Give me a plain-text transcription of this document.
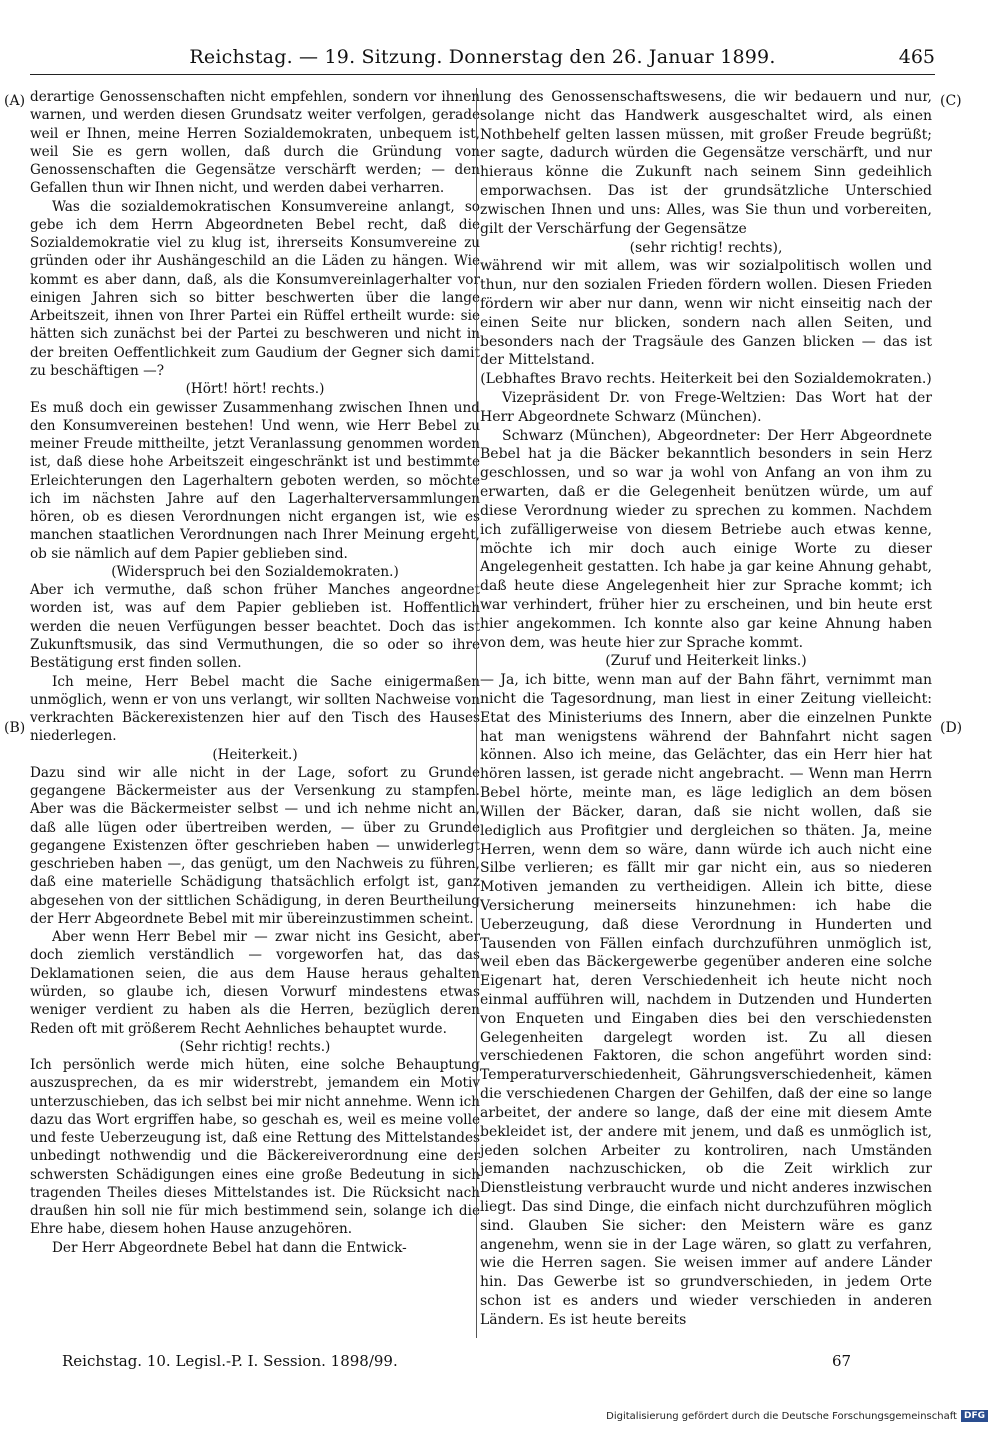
Reichstag. — 19. Sitzung. Donnerstag den 26. Januar 1899.	465
(A)
(B)
(C)
(D)

derartige Genossenschaften nicht empfehlen, sondern vor ihnen warnen, und werden diesen Grundsatz weiter verfolgen, gerade weil er Ihnen, meine Herren Sozialdemokraten, unbequem ist, weil Sie es gern wollen, daß durch die Gründung von Genossenschaften die Gegensätze verschärft werden; — den Gefallen thun wir Ihnen nicht, und werden dabei verharren.

Was die sozialdemokratischen Konsumvereine anlangt, so gebe ich dem Herrn Abgeordneten Bebel recht, daß die Sozialdemokratie viel zu klug ist, ihrerseits Konsumvereine zu gründen oder ihr Aushängeschild an die Läden zu hängen. Wie kommt es aber dann, daß, als die Konsumvereinlagerhalter vor einigen Jahren sich so bitter beschwerten über die lange Arbeitszeit, ihnen von Ihrer Partei ein Rüffel ertheilt wurde: sie hätten sich zunächst bei der Partei zu beschweren und nicht in der breiten Oeffentlichkeit zum Gaudium der Gegner sich damit zu beschäftigen —?

(Hört! hört! rechts.)

Es muß doch ein gewisser Zusammenhang zwischen Ihnen und den Konsumvereinen bestehen! Und wenn, wie Herr Bebel zu meiner Freude mittheilte, jetzt Veranlassung genommen worden ist, daß diese hohe Arbeitszeit eingeschränkt ist und bestimmte Erleichterungen den Lagerhaltern geboten werden, so möchte ich im nächsten Jahre auf den Lagerhalterversammlungen hören, ob es diesen Verordnungen nicht ergangen ist, wie es manchen staatlichen Verordnungen nach Ihrer Meinung ergeht, ob sie nämlich auf dem Papier geblieben sind.

(Widerspruch bei den Sozialdemokraten.)

Aber ich vermuthe, daß schon früher Manches angeordnet worden ist, was auf dem Papier geblieben ist. Hoffentlich werden die neuen Verfügungen besser beachtet. Doch das ist Zukunftsmusik, das sind Vermuthungen, die so oder so ihre Bestätigung erst finden sollen.

Ich meine, Herr Bebel macht die Sache einigermaßen unmöglich, wenn er von uns verlangt, wir sollten Nachweise von verkrachten Bäckerexistenzen hier auf den Tisch des Hauses niederlegen.

(Heiterkeit.)

Dazu sind wir alle nicht in der Lage, sofort zu Grunde gegangene Bäckermeister aus der Versenkung zu stampfen. Aber was die Bäckermeister selbst — und ich nehme nicht an, daß alle lügen oder übertreiben werden, — über zu Grunde gegangene Existenzen öfter geschrieben haben — unwiderlegt geschrieben haben —, das genügt, um den Nachweis zu führen, daß eine materielle Schädigung thatsächlich erfolgt ist, ganz abgesehen von der sittlichen Schädigung, in deren Beurtheilung der Herr Abgeordnete Bebel mit mir übereinzustimmen scheint.

Aber wenn Herr Bebel mir — zwar nicht ins Gesicht, aber doch ziemlich verständlich — vorgeworfen hat, das das Deklamationen seien, die aus dem Hause heraus gehalten würden, so glaube ich, diesen Vorwurf mindestens etwas weniger verdient zu haben als die Herren, bezüglich deren Reden oft mit größerem Recht Aehnliches behauptet wurde.

(Sehr richtig! rechts.)

Ich persönlich werde mich hüten, eine solche Behauptung auszusprechen, da es mir widerstrebt, jemandem ein Motiv unterzuschieben, das ich selbst bei mir nicht annehme. Wenn ich dazu das Wort ergriffen habe, so geschah es, weil es meine volle und feste Ueberzeugung ist, daß eine Rettung des Mittelstandes unbedingt nothwendig und die Bäckereiverordnung eine der schwersten Schädigungen eines eine große Bedeutung in sich tragenden Theiles dieses Mittelstandes ist. Die Rücksicht nach draußen hin soll nie für mich bestimmend sein, solange ich die Ehre habe, diesem hohen Hause anzugehören.

Der Herr Abgeordnete Bebel hat dann die Entwick-

lung des Genossenschaftswesens, die wir bedauern und nur, solange nicht das Handwerk ausgeschaltet wird, als einen Nothbehelf gelten lassen müssen, mit großer Freude begrüßt; er sagte, dadurch würden die Gegensätze verschärft, und nur hieraus könne die Zukunft nach seinem Sinn gedeihlich emporwachsen. Das ist der grundsätzliche Unterschied zwischen Ihnen und uns: Alles, was Sie thun und vorbereiten, gilt der Verschärfung der Gegensätze

(sehr richtig! rechts),

während wir mit allem, was wir sozialpolitisch wollen und thun, nur den sozialen Frieden fördern wollen. Diesen Frieden fördern wir aber nur dann, wenn wir nicht einseitig nach der einen Seite nur blicken, sondern nach allen Seiten, und besonders nach der Tragsäule des Ganzen blicken — das ist der Mittelstand.

(Lebhaftes Bravo rechts. Heiterkeit bei den Sozialdemokraten.)

Vizepräsident Dr. von Frege-Weltzien: Das Wort hat der Herr Abgeordnete Schwarz (München).

Schwarz (München), Abgeordneter: Der Herr Abgeordnete Bebel hat ja die Bäcker bekanntlich besonders in sein Herz geschlossen, und so war ja wohl von Anfang an von ihm zu erwarten, daß er die Gelegenheit benützen würde, um auf diese Verordnung wieder zu sprechen zu kommen. Nachdem ich zufälligerweise von diesem Betriebe auch etwas kenne, möchte ich mir doch auch einige Worte zu dieser Angelegenheit gestatten. Ich habe ja gar keine Ahnung gehabt, daß heute diese Angelegenheit hier zur Sprache kommt; ich war verhindert, früher hier zu erscheinen, und bin heute erst hier angekommen. Ich konnte also gar keine Ahnung haben von dem, was heute hier zur Sprache kommt.

(Zuruf und Heiterkeit links.)

— Ja, ich bitte, wenn man auf der Bahn fährt, vernimmt man nicht die Tagesordnung, man liest in einer Zeitung vielleicht: Etat des Ministeriums des Innern, aber die einzelnen Punkte hat man wenigstens während der Bahnfahrt nicht sagen können. Also ich meine, das Gelächter, das ein Herr hier hat hören lassen, ist gerade nicht angebracht. — Wenn man Herrn Bebel hörte, meinte man, es läge lediglich an dem bösen Willen der Bäcker, daran, daß sie nicht wollen, daß sie lediglich aus Profitgier und dergleichen so thäten. Ja, meine Herren, wenn dem so wäre, dann würde ich auch nicht eine Silbe verlieren; es fällt mir gar nicht ein, aus so niederen Motiven jemanden zu vertheidigen. Allein ich bitte, diese Versicherung meinerseits hinzunehmen: ich habe die Ueberzeugung, daß diese Verordnung in Hunderten und Tausenden von Fällen einfach durchzuführen unmöglich ist, weil eben das Bäckergewerbe gegenüber anderen eine solche Eigenart hat, deren Verschiedenheit ich heute nicht noch einmal aufführen will, nachdem in Dutzenden und Hunderten von Enqueten und Eingaben dies bei den verschiedensten Gelegenheiten dargelegt worden ist. Zu all diesen verschiedenen Faktoren, die schon angeführt worden sind: Temperaturverschiedenheit, Gährungsverschiedenheit, kämen die verschiedenen Chargen der Gehilfen, daß der eine so lange arbeitet, der andere so lange, daß der eine mit diesem Amte bekleidet ist, der andere mit jenem, und daß es unmöglich ist, jeden solchen Arbeiter zu kontroliren, nach Umständen jemanden nachzuschicken, ob die Zeit wirklich zur Dienstleistung verbraucht wurde und nicht anderes inzwischen liegt. Das sind Dinge, die einfach nicht durchzuführen möglich sind. Glauben Sie sicher: den Meistern wäre es ganz angenehm, wenn sie in der Lage wären, so glatt zu verfahren, wie die Herren sagen. Sie weisen immer auf andere Länder hin. Das Gewerbe ist so grundverschieden, in jedem Orte schon ist es anders und wieder verschieden in anderen Ländern. Es ist heute bereits

Reichstag. 10. Legisl.-P. I. Session. 1898/99.	67
Digitalisierung gefördert durch die Deutsche Forschungsgemeinschaft DFG
